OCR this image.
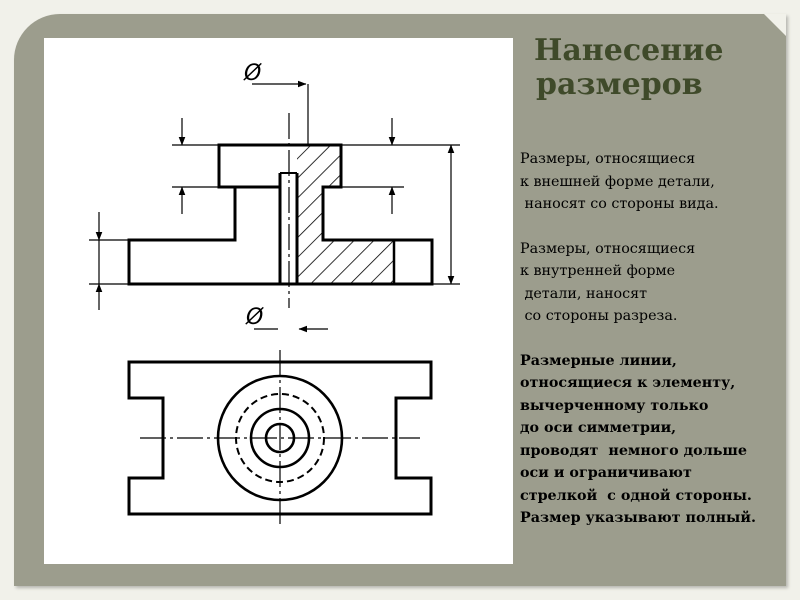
Ø
Ø
Нанесение
размеров
Размеры, относящиеся
к внешней форме детали,
наносят со стороны вида.
Размеры, относящиеся
к внутренней форме
детали, наносят
со стороны разреза.
Размерные линии,
относящиеся к элементу,
вычерченному только
до оси симметрии,
проводят  немного дольше
оси и ограничивают
стрелкой  с одной стороны.
Размер указывают полный.
